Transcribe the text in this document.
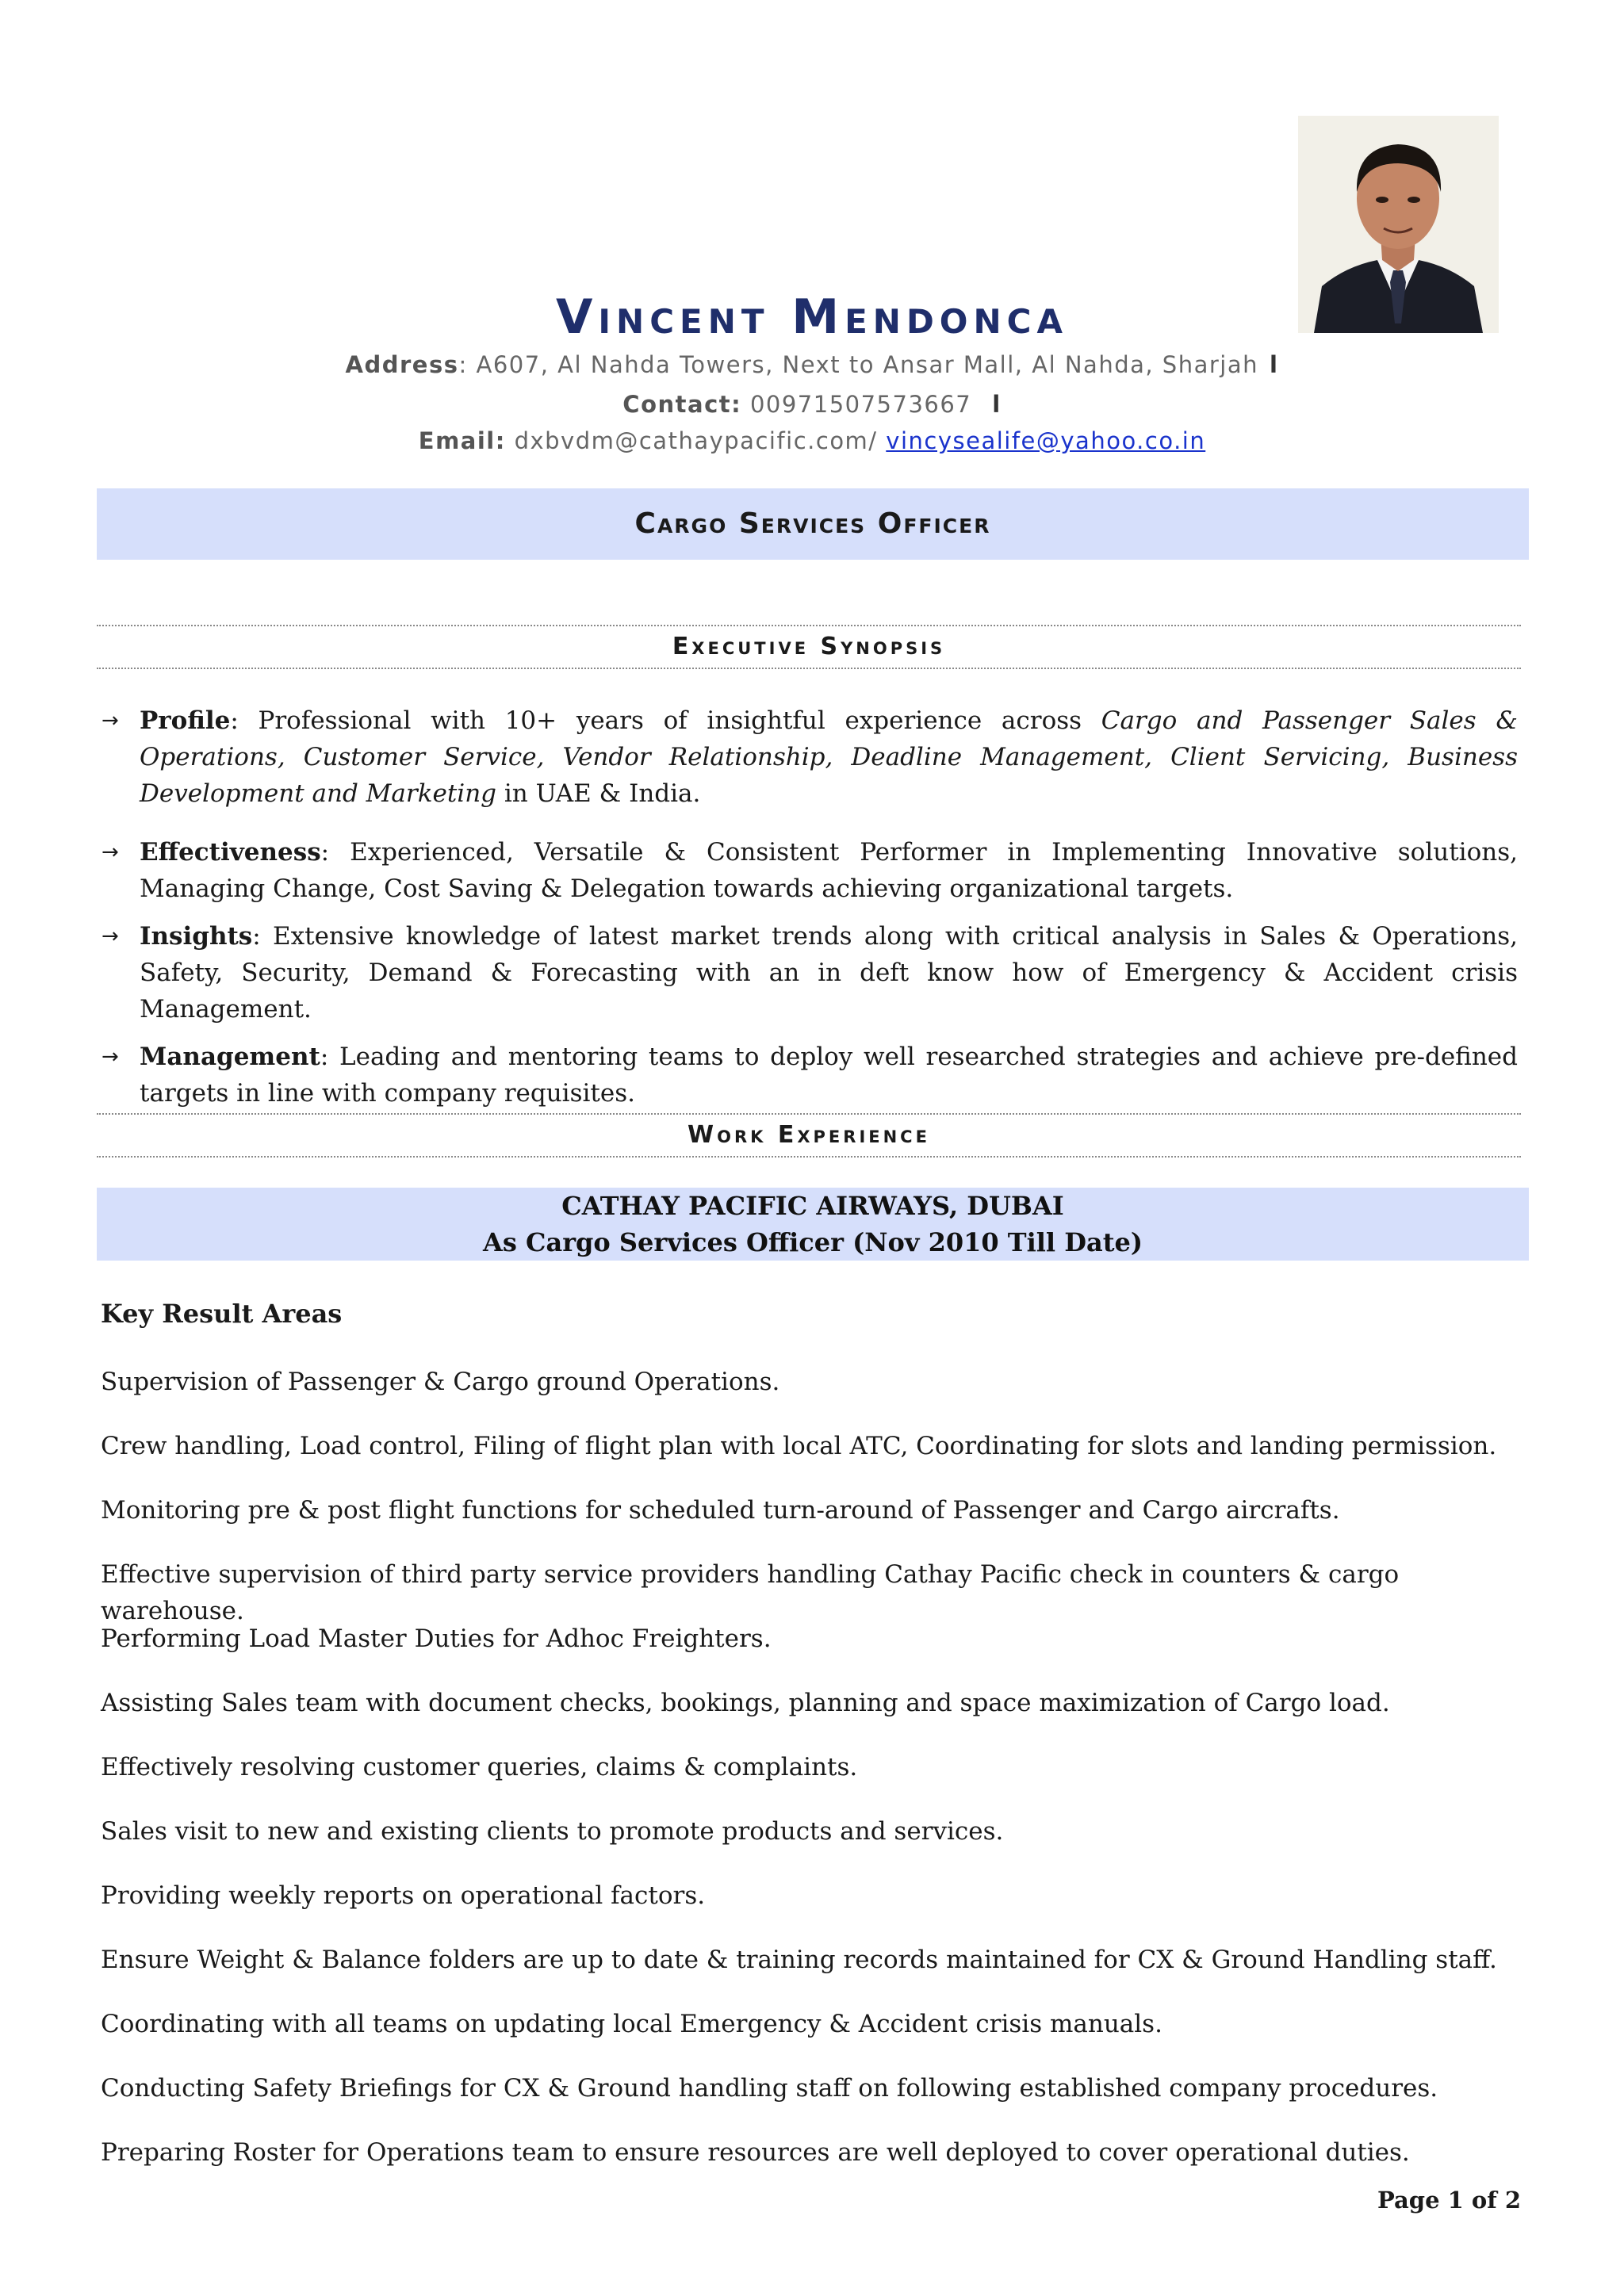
Vincent Mendonca
Address: A607, Al Nahda Towers, Next to Ansar Mall, Al Nahda, Sharjah l
Contact: 00971507573667 l
Email: dxbvdm@cathaypacific.com/ vincysealife@yahoo.co.in
Cargo Services Officer
Executive Synopsis
→ Profile: Professional with 10+ years of insightful experience across Cargo and Passenger Sales & Operations, Customer Service, Vendor Relationship, Deadline Management, Client Servicing, Business Development and Marketing in UAE & India.
→ Effectiveness: Experienced, Versatile & Consistent Performer in Implementing Innovative solutions, Managing Change, Cost Saving & Delegation towards achieving organizational targets.
→ Insights: Extensive knowledge of latest market trends along with critical analysis in Sales & Operations, Safety, Security, Demand & Forecasting with an in deft know how of Emergency & Accident crisis Management.
→ Management: Leading and mentoring teams to deploy well researched strategies and achieve pre-defined targets in line with company requisites.
Work Experience
CATHAY PACIFIC AIRWAYS, DUBAI
As Cargo Services Officer (Nov 2010 Till Date)
Key Result Areas
Supervision of Passenger & Cargo ground Operations.
Crew handling, Load control, Filing of flight plan with local ATC, Coordinating for slots and landing permission.
Monitoring pre & post flight functions for scheduled turn-around of Passenger and Cargo aircrafts.
Effective supervision of third party service providers handling Cathay Pacific check in counters & cargo warehouse.
Performing Load Master Duties for Adhoc Freighters.
Assisting Sales team with document checks, bookings, planning and space maximization of Cargo load.
Effectively resolving customer queries, claims & complaints.
Sales visit to new and existing clients to promote products and services.
Providing weekly reports on operational factors.
Ensure Weight & Balance folders are up to date & training records maintained for CX & Ground Handling staff.
Coordinating with all teams on updating local Emergency & Accident crisis manuals.
Conducting Safety Briefings for CX & Ground handling staff on following established company procedures.
Preparing Roster for Operations team to ensure resources are well deployed to cover operational duties.
Page 1 of 2
